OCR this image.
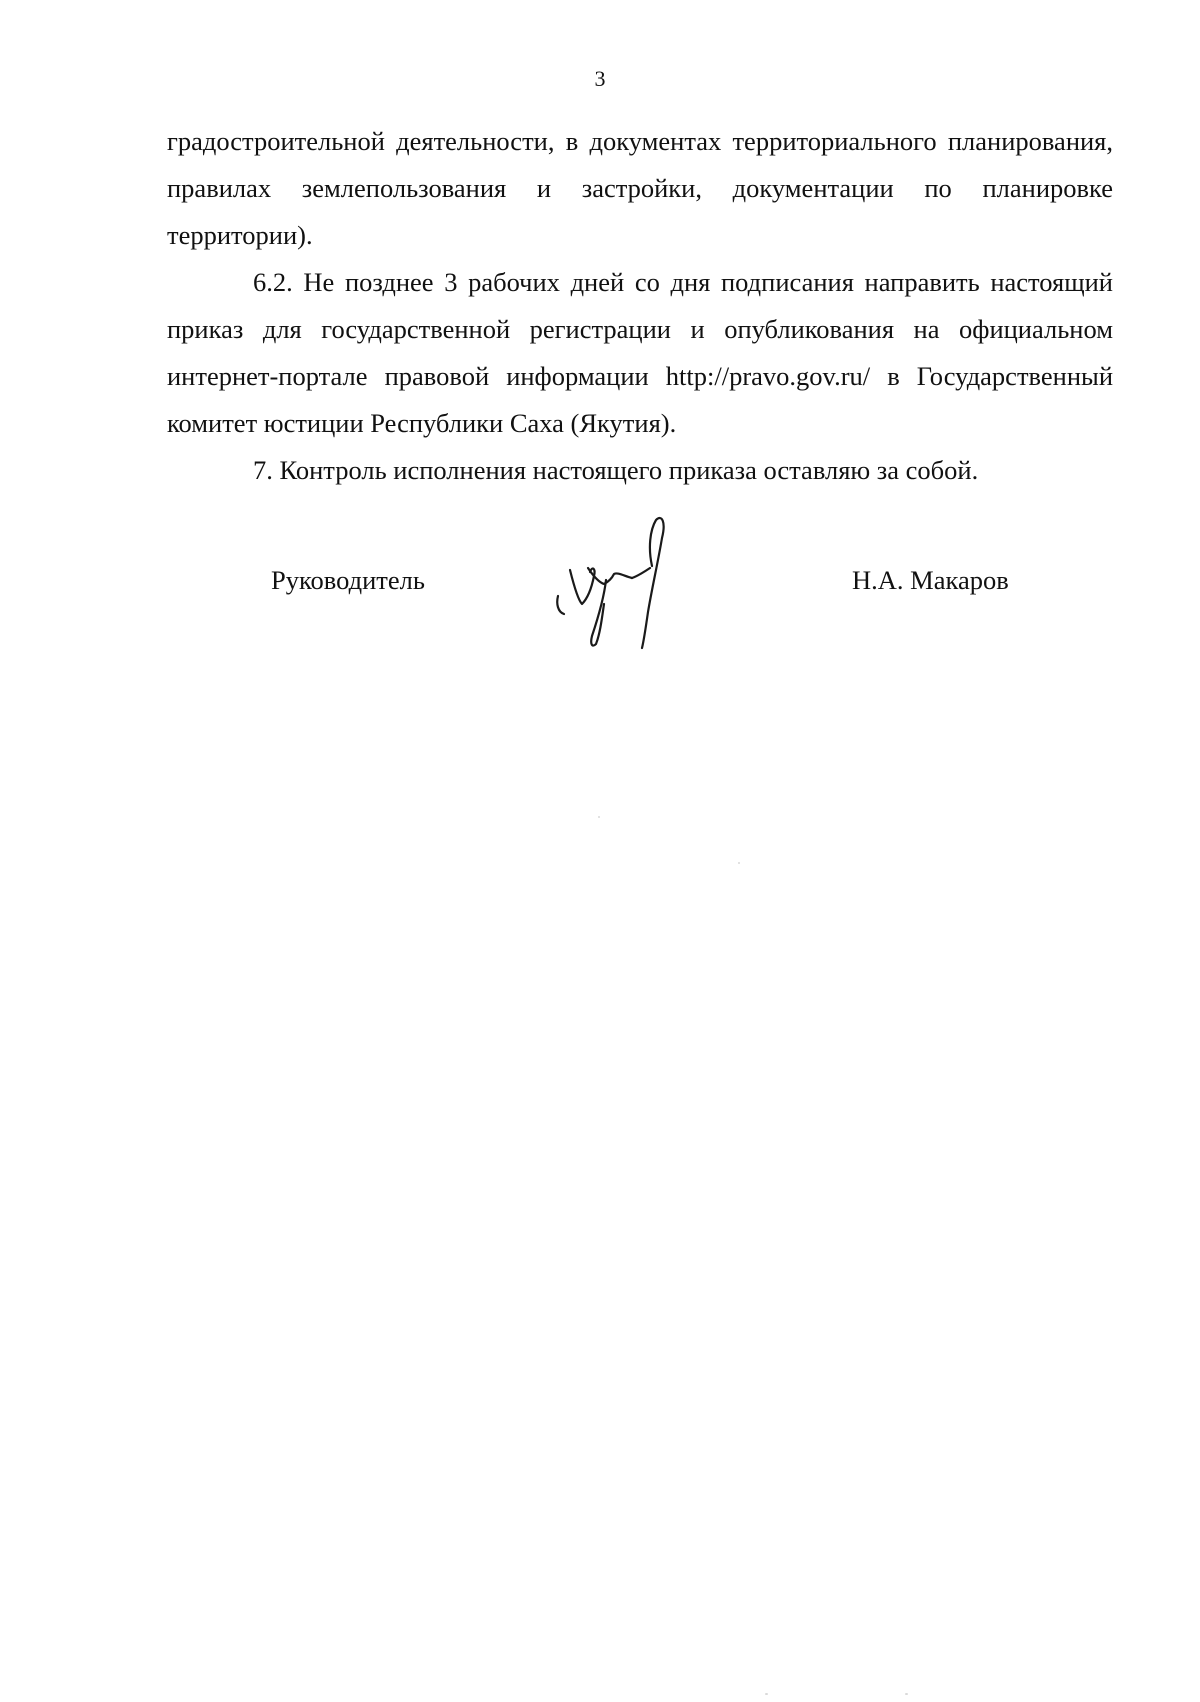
3

градостроительной деятельности, в документах территориального планирования, правилах землепользования и застройки, документации по планировке территории).

6.2. Не позднее 3 рабочих дней со дня подписания направить настоящий приказ для государственной регистрации и опубликования на официальном интернет-портале правовой информации http://pravo.gov.ru/ в Государственный комитет юстиции Республики Саха (Якутия).

7. Контроль исполнения настоящего приказа оставляю за собой.

Руководитель	Н.А. Макаров
